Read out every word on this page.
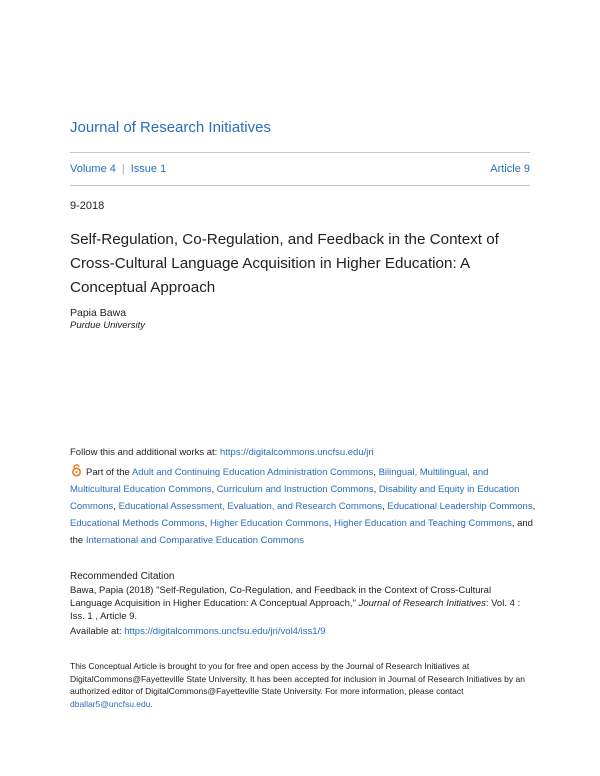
Journal of Research Initiatives
Volume 4 | Issue 1	Article 9
9-2018
Self-Regulation, Co-Regulation, and Feedback in the Context of Cross-Cultural Language Acquisition in Higher Education: A Conceptual Approach
Papia Bawa
Purdue University
Follow this and additional works at: https://digitalcommons.uncfsu.edu/jri
Part of the Adult and Continuing Education Administration Commons, Bilingual, Multilingual, and Multicultural Education Commons, Curriculum and Instruction Commons, Disability and Equity in Education Commons, Educational Assessment, Evaluation, and Research Commons, Educational Leadership Commons, Educational Methods Commons, Higher Education Commons, Higher Education and Teaching Commons, and the International and Comparative Education Commons
Recommended Citation
Bawa, Papia (2018) "Self-Regulation, Co-Regulation, and Feedback in the Context of Cross-Cultural Language Acquisition in Higher Education: A Conceptual Approach," Journal of Research Initiatives: Vol. 4 : Iss. 1 , Article 9.
Available at: https://digitalcommons.uncfsu.edu/jri/vol4/iss1/9
This Conceptual Article is brought to you for free and open access by the Journal of Research Initiatives at DigitalCommons@Fayetteville State University. It has been accepted for inclusion in Journal of Research Initiatives by an authorized editor of DigitalCommons@Fayetteville State University. For more information, please contact dballar5@uncfsu.edu.
